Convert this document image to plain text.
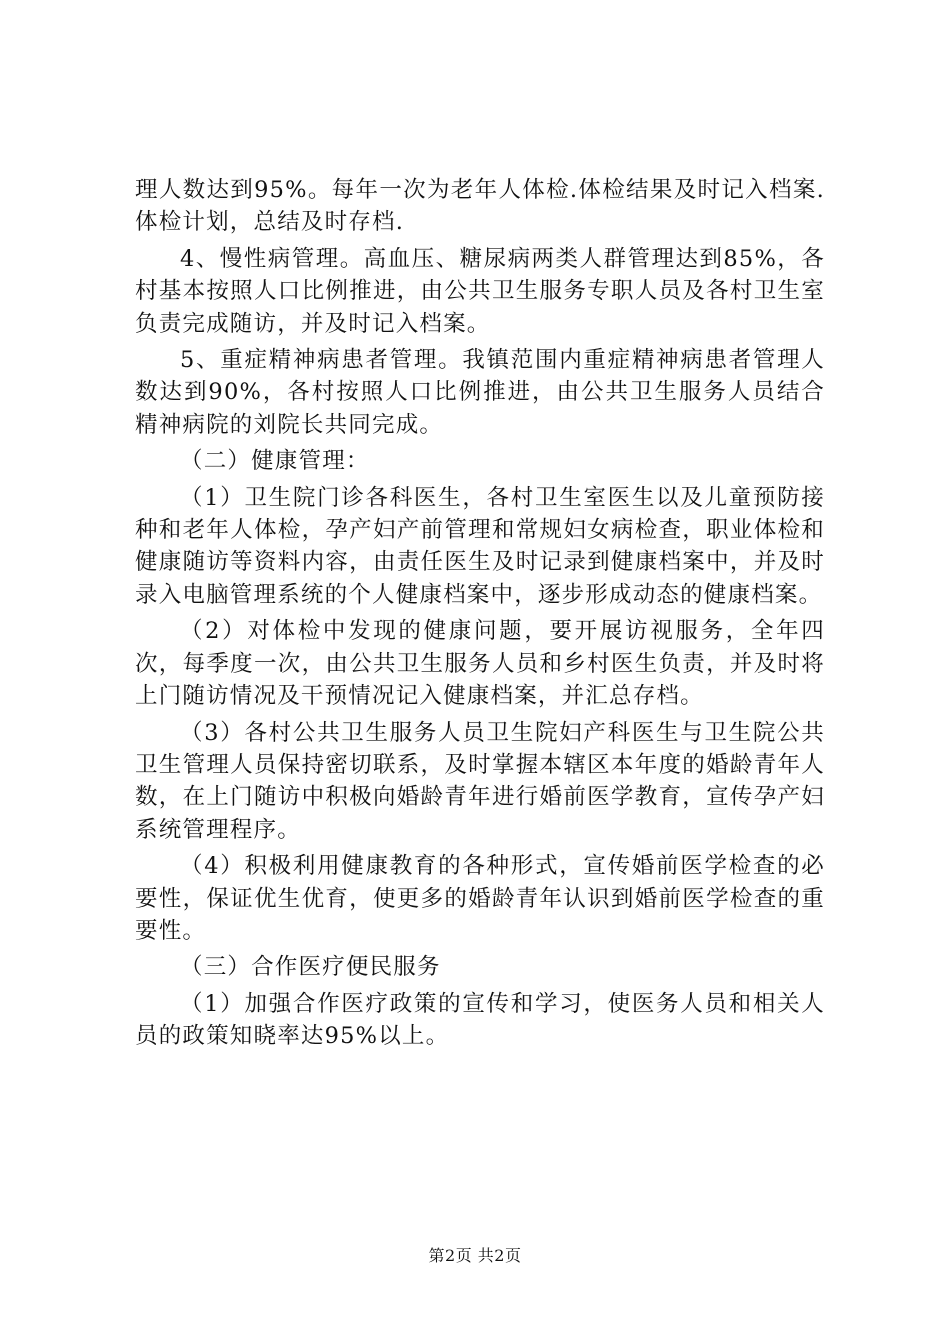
理人数达到95%。每年一次为老年人体检.体检结果及时记入档案.体检计划，总结及时存档.

4、慢性病管理。高血压、糖尿病两类人群管理达到85%，各村基本按照人口比例推进，由公共卫生服务专职人员及各村卫生室负责完成随访，并及时记入档案。

5、重症精神病患者管理。我镇范围内重症精神病患者管理人数达到90%，各村按照人口比例推进，由公共卫生服务人员结合精神病院的刘院长共同完成。

（二）健康管理：

（1）卫生院门诊各科医生，各村卫生室医生以及儿童预防接种和老年人体检，孕产妇产前管理和常规妇女病检查，职业体检和健康随访等资料内容，由责任医生及时记录到健康档案中，并及时录入电脑管理系统的个人健康档案中，逐步形成动态的健康档案。

（2）对体检中发现的健康问题，要开展访视服务，全年四次，每季度一次，由公共卫生服务人员和乡村医生负责，并及时将上门随访情况及干预情况记入健康档案，并汇总存档。

（3）各村公共卫生服务人员卫生院妇产科医生与卫生院公共卫生管理人员保持密切联系，及时掌握本辖区本年度的婚龄青年人数，在上门随访中积极向婚龄青年进行婚前医学教育，宣传孕产妇系统管理程序。

（4）积极利用健康教育的各种形式，宣传婚前医学检查的必要性，保证优生优育，使更多的婚龄青年认识到婚前医学检查的重要性。

（三）合作医疗便民服务

（1）加强合作医疗政策的宣传和学习，使医务人员和相关人员的政策知晓率达95%以上。

第2页 共2页
